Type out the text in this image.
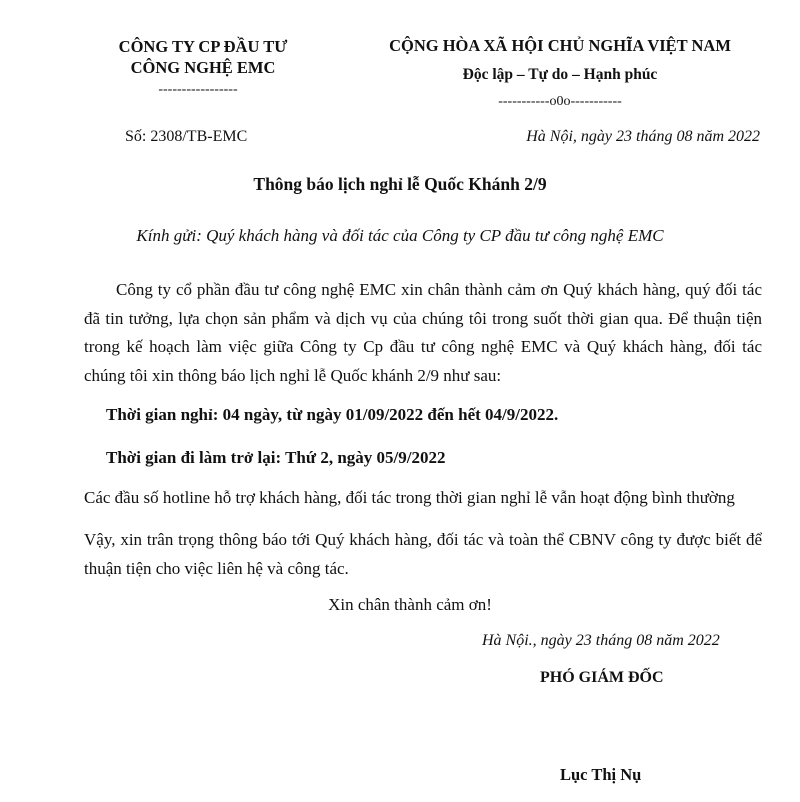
CÔNG TY CP ĐẦU TƯ
CÔNG NGHỆ EMC
-----------------
CỘNG HÒA XÃ HỘI CHỦ NGHĨA VIỆT NAM
Độc lập – Tự do – Hạnh phúc
-----------o0o-----------
Số: 2308/TB-EMC	Hà Nội, ngày 23 tháng 08 năm 2022
Thông báo lịch nghỉ lễ Quốc Khánh 2/9
Kính gửi: Quý khách hàng và đối tác của Công ty CP đầu tư công nghệ EMC
Công ty cổ phần đầu tư công nghệ EMC xin chân thành cảm ơn Quý khách hàng, quý đối tác đã tin tưởng, lựa chọn sản phẩm và dịch vụ của chúng tôi trong suốt thời gian qua. Để thuận tiện trong kế hoạch làm việc giữa Công ty Cp đầu tư công nghệ EMC và Quý khách hàng, đối tác chúng tôi xin thông báo lịch nghỉ lễ Quốc khánh 2/9 như sau:
Thời gian nghỉ: 04 ngày, từ ngày 01/09/2022 đến hết 04/9/2022.
Thời gian đi làm trở lại: Thứ 2, ngày 05/9/2022
Các đầu số hotline hỗ trợ khách hàng, đối tác trong thời gian nghỉ lễ vẫn hoạt động bình thường
Vậy, xin trân trọng thông báo tới Quý khách hàng, đối tác và toàn thể CBNV công ty được biết để thuận tiện cho việc liên hệ và công tác.
Xin chân thành cảm ơn!
Hà Nội., ngày 23 tháng 08 năm 2022
PHÓ GIÁM ĐỐC
Lục Thị Nụ
